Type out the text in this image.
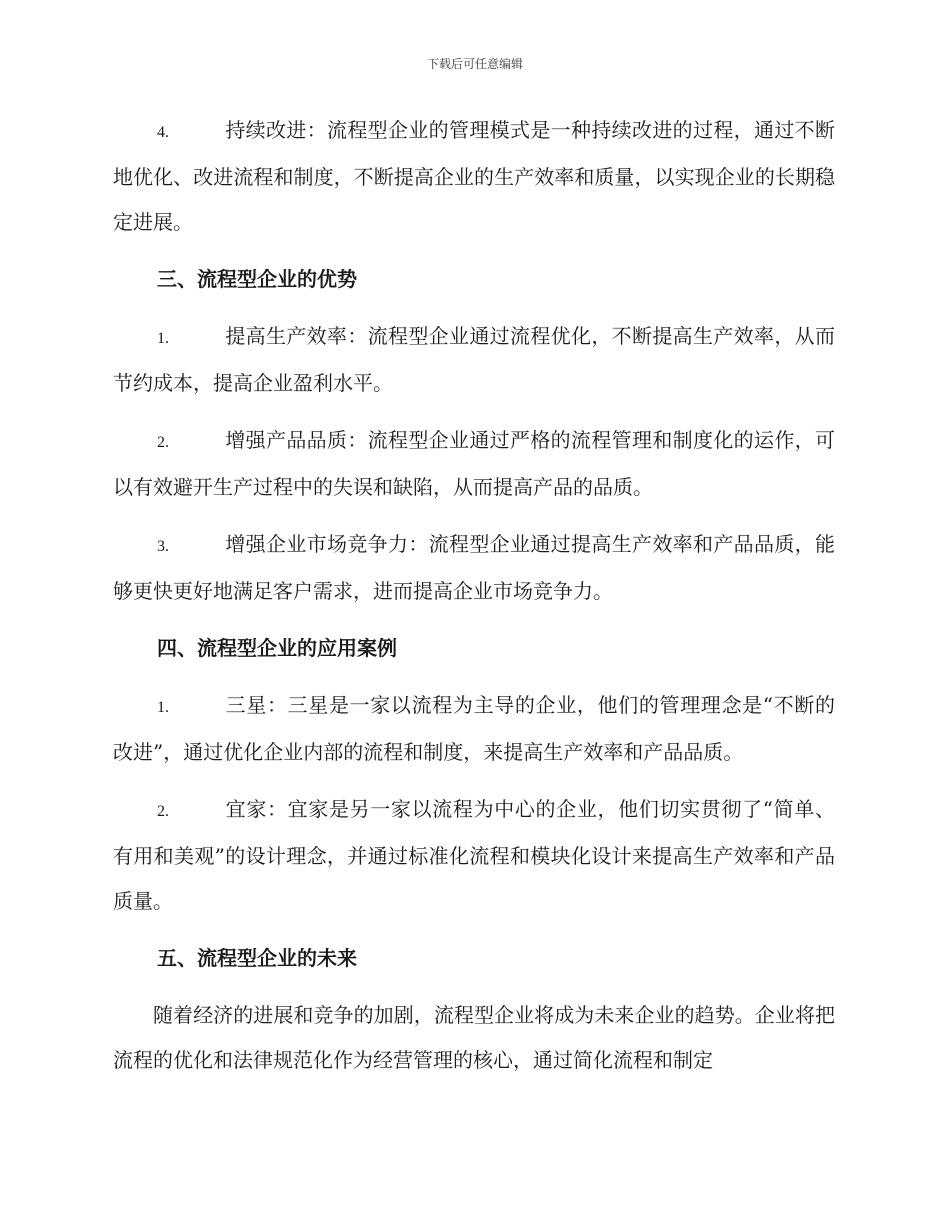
下载后可任意编辑

4.	持续改进：流程型企业的管理模式是一种持续改进的过程，通过不断地优化、改进流程和制度，不断提高企业的生产效率和质量，以实现企业的长期稳定进展。

三、流程型企业的优势

1.	提高生产效率：流程型企业通过流程优化，不断提高生产效率，从而节约成本，提高企业盈利水平。

2.	增强产品品质：流程型企业通过严格的流程管理和制度化的运作，可以有效避开生产过程中的失误和缺陷，从而提高产品的品质。

3.	增强企业市场竞争力：流程型企业通过提高生产效率和产品品质，能够更快更好地满足客户需求，进而提高企业市场竞争力。

四、流程型企业的应用案例

1.	三星：三星是一家以流程为主导的企业，他们的管理理念是“不断的改进”，通过优化企业内部的流程和制度，来提高生产效率和产品品质。

2.	宜家：宜家是另一家以流程为中心的企业，他们切实贯彻了“简单、有用和美观”的设计理念，并通过标准化流程和模块化设计来提高生产效率和产品质量。

五、流程型企业的未来

随着经济的进展和竞争的加剧，流程型企业将成为未来企业的趋势。企业将把流程的优化和法律规范化作为经营管理的核心，通过简化流程和制定
